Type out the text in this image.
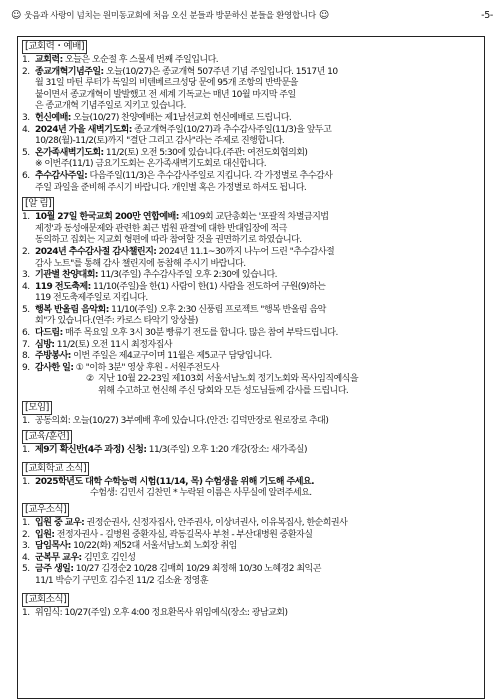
☺ 웃음과 사랑이 넘치는 원미동교회에 처음 오신 분들과 방문하신 분들을 환영합니다 ☺	-5-
[교회력・예배]
1. 교회력: 오늘은 오순절 후 스물세 번째 주일입니다.

2. 종교개혁기념주일: 오늘(10/27)은 종교개혁 507주년 기념 주일입니다. 1517년 10

월 31일 마틴 루터가 독일의 비텐베르크성당 문에 95개 조항의 반박문을

붙이면서 종교개혁이 발발했고 전 세계 기독교는 매년 10월 마지막 주일

은 종교개혁 기념주일로 지키고 있습니다.

3. 헌신예배: 오늘(10/27) 찬양예배는 제1남선교회 헌신예배로 드립니다.

4. 2024년 가을 새벽기도회: 종교개혁주일(10/27)과 추수감사주일(11/3)을 앞두고

10/28(월)-11/2(토)까지 "결단 그리고 감사"라는 주제로 진행합니다.

5. 온가족새벽기도회: 11/2(토) 오전 5:30에 있습니다.(주관: 여전도회협의회)

※ 이번주(11/1) 금요기도회는 온가족새벽기도회로 대신합니다.

6. 추수감사주일: 다음주일(11/3)은 추수감사주일로 지킵니다. 각 가정별로 추수감사

주일 과일을 준비해 주시기 바랍니다. 개인별 혹은 가정별로 하셔도 됩니다.

[알 림]
1. 10월 27일 한국교회 200만 연합예배: 제109회 교단총회는 '포괄적 차별금지법

제정'과 동성애문제와 관련한 최근 법원 판결'에 대한 반대입장에 적극

동의하고 집회는 지교회 형편에 따라 참여할 것을 권면하기로 하였습니다.

2. 2024년 추수감사절 감사챌린지: 2024년 11.1~30까지 나누어 드린 "추수감사절

감사 노트"를 통해 감사 챌린지에 동참해 주시기 바랍니다.

3. 기관별 찬양대회: 11/3(주일) 추수감사주일 오후 2:30에 있습니다.

4. 119 전도축제: 11/10(주일)을 한(1) 사람이 한(1) 사람을 전도하여 구원(9)하는

119 전도축제주일로 지킵니다.

5. 행복 반올림 음악회: 11/10(주일) 오후 2:30 신풍림 프로젝트 "행복 반올림 음악

회"가 있습니다.(연주: 카로스 타악기 앙상블)

6. 다드림: 매주 목요일 오후 3시 30분 빵류기 전도를 합니다. 많은 참여 부탁드립니다.

7. 심방: 11/2(토) 오전 11시 최정자집사

8. 주방봉사: 이번 주일은 제4교구이며 11월은 제5교구 담당입니다.

9. 감사한 일: ① "이하 3분" 영상 후원 - 서원주전도사

② 지난 10월 22-23일 제103회 서울서남노회 정기노회와 목사임직예식을

위해 수고하고 헌신해 주신 당회와 모든 성도님들께 감사를 드립니다.

[모임]
1. 공동의회: 오늘(10/27) 3부예배 후에 있습니다.(안건: 김덕만장로 원로장로 추대)

[교육/훈련]
1. 제9기 확신반(4주 과정) 신청: 11/3(주일) 오후 1:20 개강(장소: 새가족실)

[교회학교 소식]
1. 2025학년도 대학 수학능력 시험(11/14, 목) 수험생을 위해 기도해 주세요.

수험생: 김민서 김찬민 * 누락된 이름은 사무실에 알려주세요.
[교우소식]
1. 입원 중 교우: 권정순권사, 신정자집사, 안주권사, 이상녀권사, 이유복집사, 한순희권사

2. 입원: 전정자권사 - 길병원 중환자실, 곽동길목사 부천 - 부산대병원 중환자실

3. 담임목사: 10/22(화) 제52대 서울서남노회 노회장 취임

4. 군복무 교우: 김민호 김인성

5. 금주 생일: 10/27 김경순2 10/28 김매희 10/29 최정해 10/30 노혜경2 최익곤

11/1 박승기 구민호 김수진 11/2 김소윤 정영훈

[교회소식]
1. 위임식: 10/27(주일) 오후 4:00 정요환목사 위임예식(장소: 광남교회)
